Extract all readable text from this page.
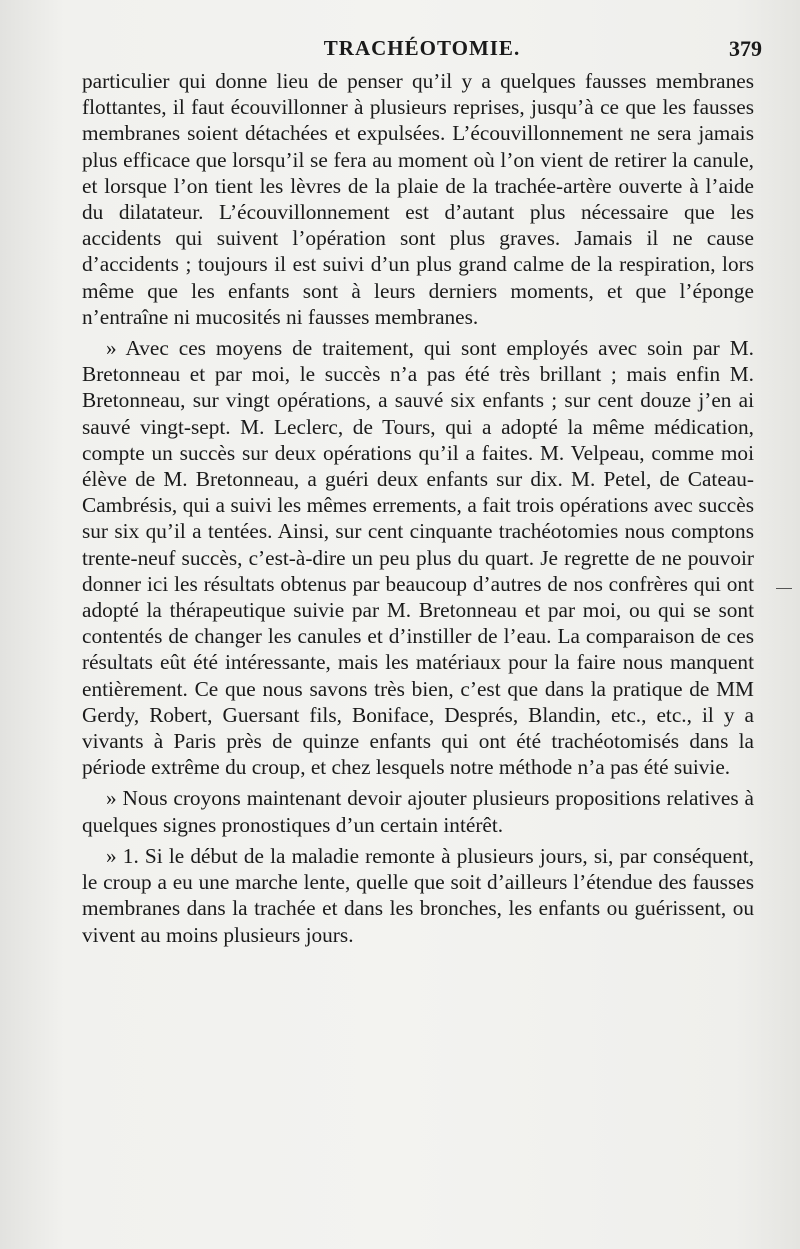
TRACHÉOTOMIE.	379

particulier qui donne lieu de penser qu’il y a quelques fausses membranes flottantes, il faut écouvillonner à plusieurs reprises, jusqu’à ce que les fausses membranes soient détachées et expulsées. L’écouvillonnement ne sera jamais plus efficace que lorsqu’il se fera au moment où l’on vient de retirer la canule, et lorsque l’on tient les lèvres de la plaie de la trachée-artère ouverte à l’aide du dilatateur. L’écouvillonnement est d’autant plus nécessaire que les accidents qui suivent l’opération sont plus graves. Jamais il ne cause d’accidents ; toujours il est suivi d’un plus grand calme de la respiration, lors même que les enfants sont à leurs derniers moments, et que l’éponge n’entraîne ni mucosités ni fausses membranes.

» Avec ces moyens de traitement, qui sont employés avec soin par M. Bretonneau et par moi, le succès n’a pas été très brillant ; mais enfin M. Bretonneau, sur vingt opérations, a sauvé six enfants ; sur cent douze j’en ai sauvé vingt-sept. M. Leclerc, de Tours, qui a adopté la même médication, compte un succès sur deux opérations qu’il a faites. M. Velpeau, comme moi élève de M. Bretonneau, a guéri deux enfants sur dix. M. Petel, de Cateau-Cambrésis, qui a suivi les mêmes errements, a fait trois opérations avec succès sur six qu’il a tentées. Ainsi, sur cent cinquante trachéotomies nous comptons trente-neuf succès, c’est-à-dire un peu plus du quart. Je regrette de ne pouvoir donner ici les résultats obtenus par beaucoup d’autres de nos confrères qui ont adopté la thérapeutique suivie par M. Bretonneau et par moi, ou qui se sont contentés de changer les canules et d’instiller de l’eau. La comparaison de ces résultats eût été intéressante, mais les matériaux pour la faire nous manquent entièrement. Ce que nous savons très bien, c’est que dans la pratique de MM Gerdy, Robert, Guersant fils, Boniface, Després, Blandin, etc., etc., il y a vivants à Paris près de quinze enfants qui ont été trachéotomisés dans la période extrême du croup, et chez lesquels notre méthode n’a pas été suivie.

» Nous croyons maintenant devoir ajouter plusieurs propositions relatives à quelques signes pronostiques d’un certain intérêt.

» 1. Si le début de la maladie remonte à plusieurs jours, si, par conséquent, le croup a eu une marche lente, quelle que soit d’ailleurs l’étendue des fausses membranes dans la trachée et dans les bronches, les enfants ou guérissent, ou vivent au moins plusieurs jours.
